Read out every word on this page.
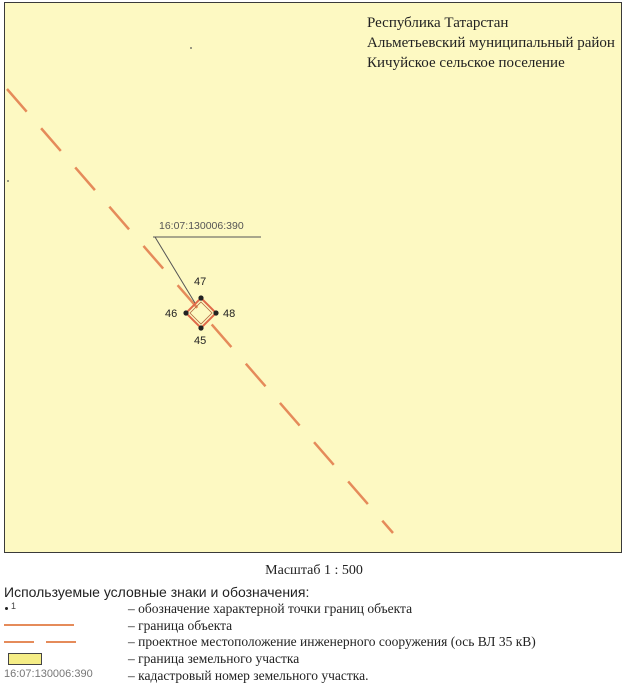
16:07:130006:390
47
48
45
46
Республика Татарстан
Альметьевский муниципальный район
Кичуйское сельское поселение
Масштаб 1 : 500
Используемые условные знаки и обозначения:
1	– обозначение характерной точки границ объекта
– граница объекта
– проектное местоположение инженерного сооружения (ось ВЛ 35 кВ)
– граница земельного участка
16:07:130006:390	– кадастровый номер земельного участка.
